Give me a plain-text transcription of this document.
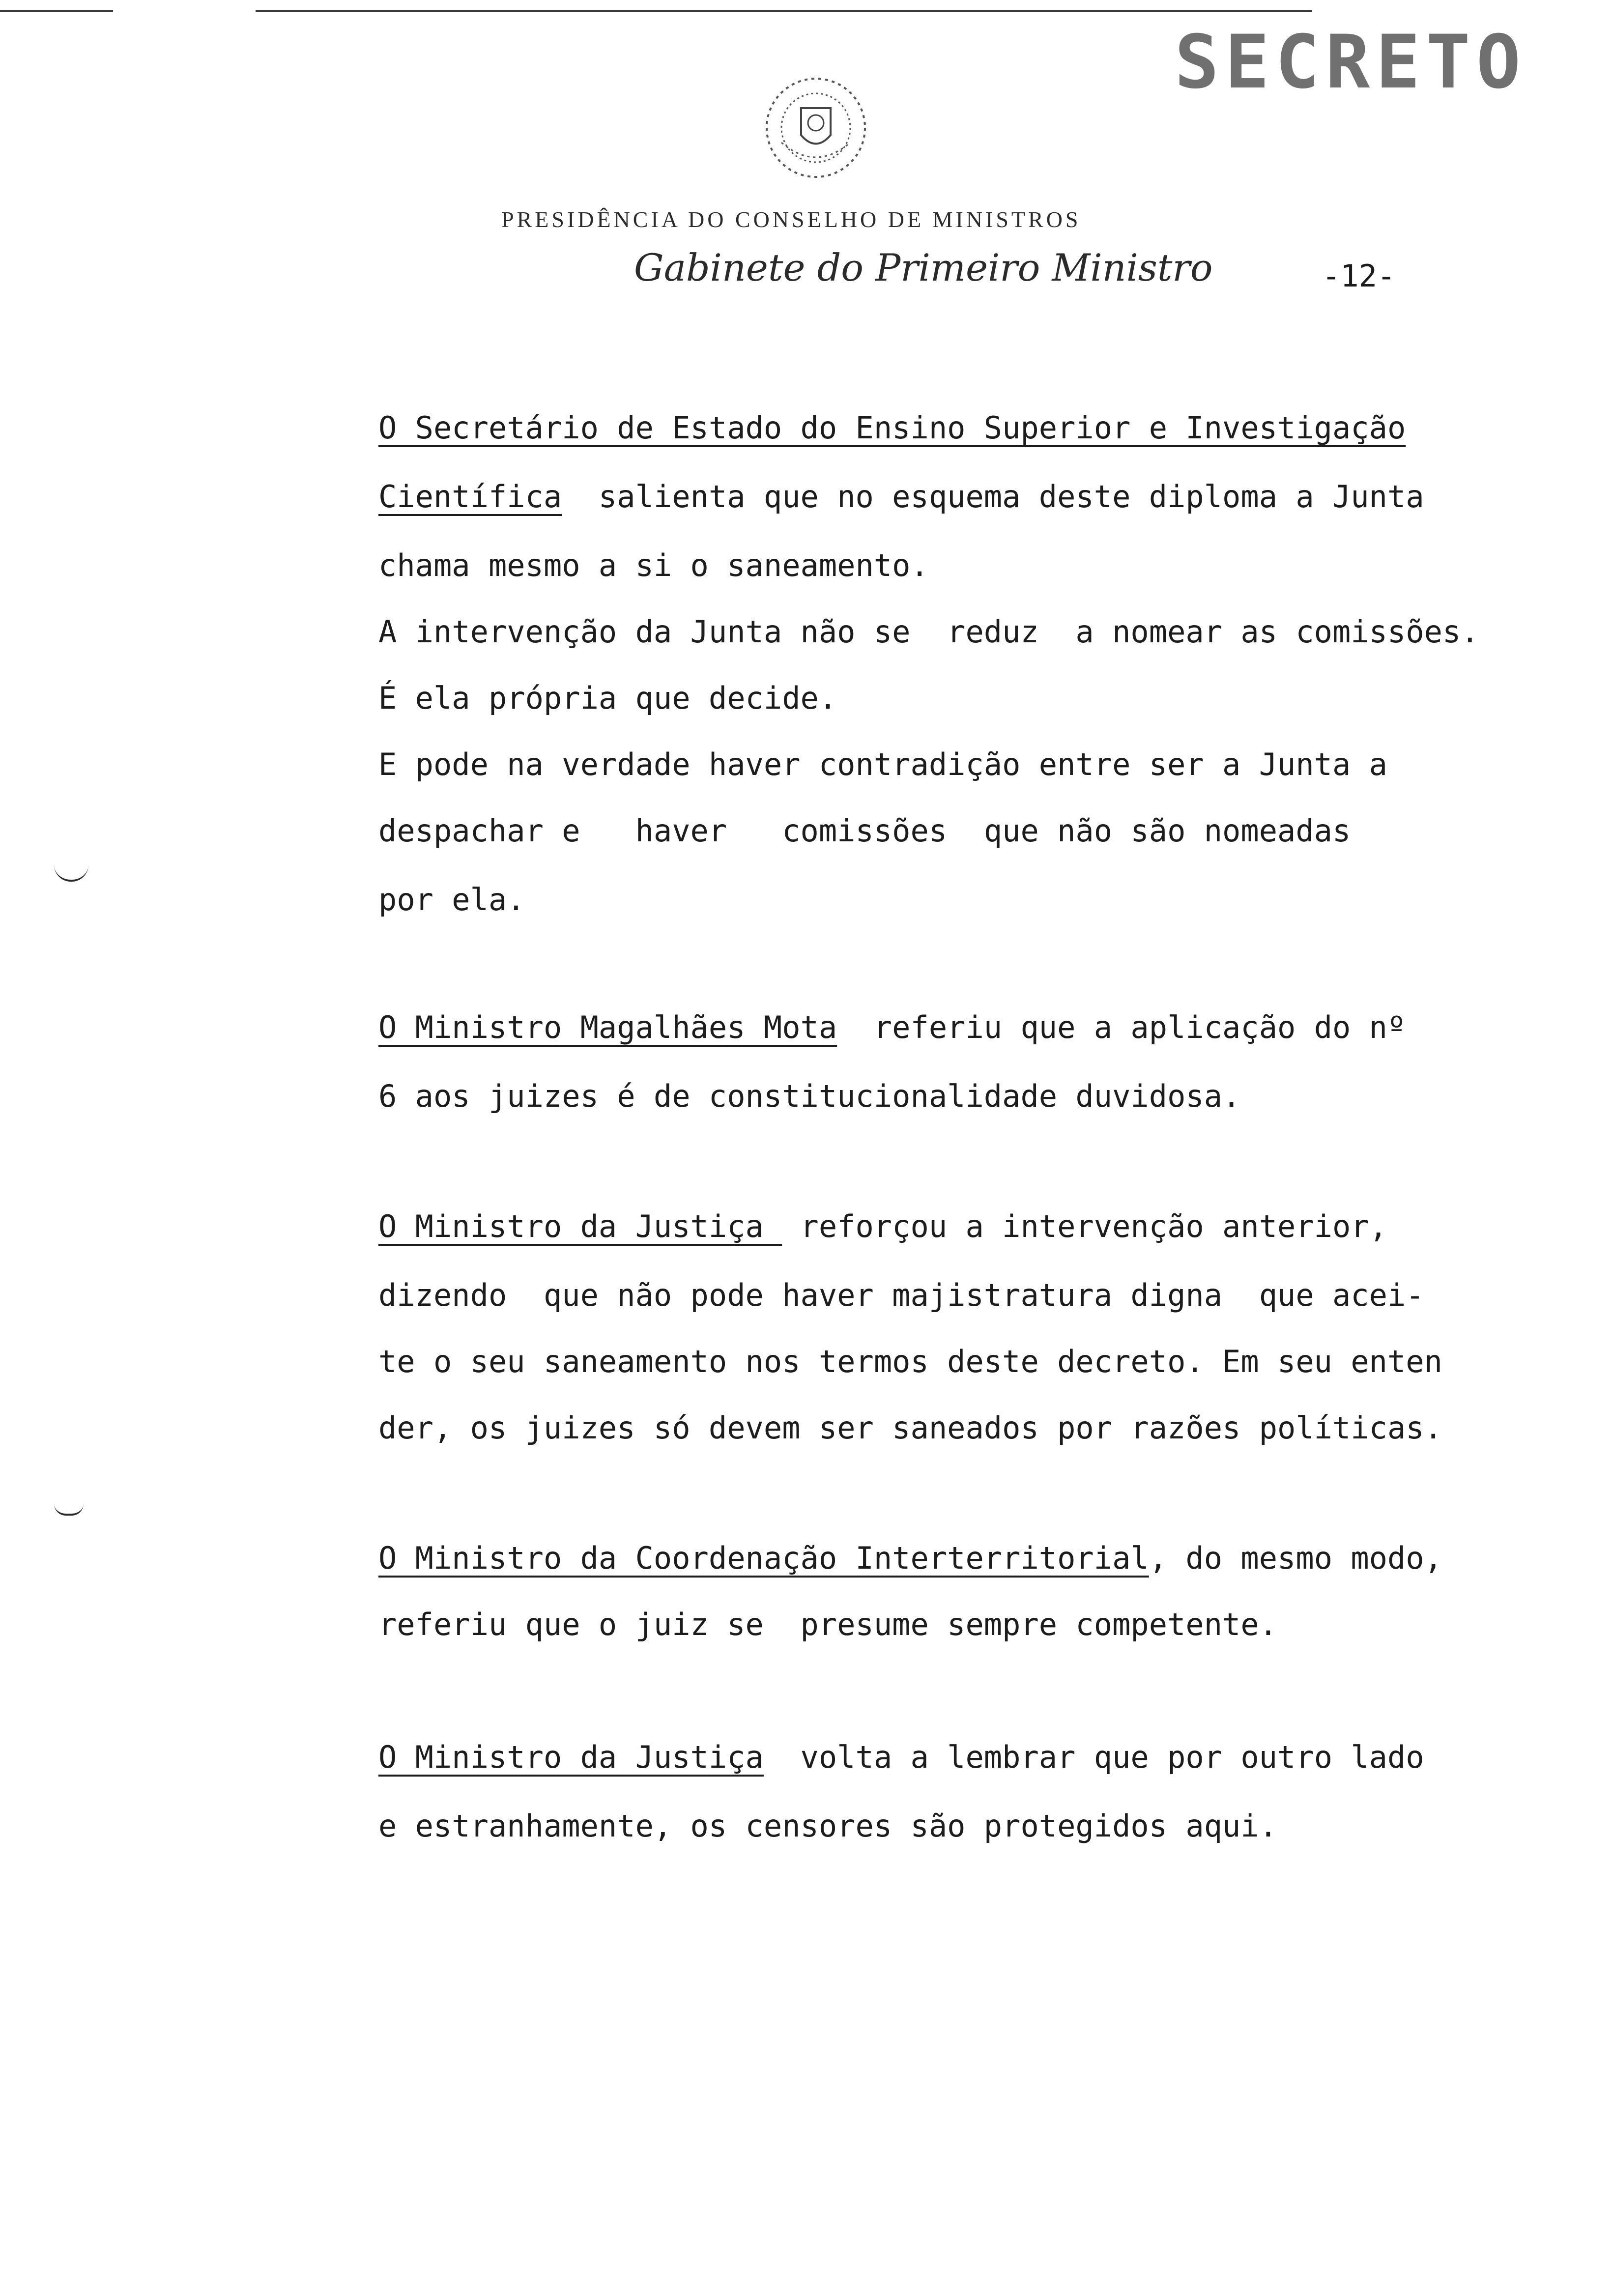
SECRETO
PRESIDÊNCIA DO CONSELHO DE MINISTROS
Gabinete do Primeiro Ministro	-12-
O Secretário de Estado do Ensino Superior e Investigação
Científica  salienta que no esquema deste diploma a Junta
chama mesmo a si o saneamento.
A intervenção da Junta não se  reduz  a nomear as comissões.
É ela própria que decide.
E pode na verdade haver contradição entre ser a Junta a
despachar e   haver   comissões  que não são nomeadas
por ela.
O Ministro Magalhães Mota  referiu que a aplicação do nº
6 aos juizes é de constitucionalidade duvidosa.
O Ministro da Justiça  reforçou a intervenção anterior,
dizendo  que não pode haver majistratura digna  que acei-
te o seu saneamento nos termos deste decreto. Em seu enten
der, os juizes só devem ser saneados por razões políticas.
O Ministro da Coordenação Interterritorial, do mesmo modo,
referiu que o juiz se  presume sempre competente.
O Ministro da Justiça  volta a lembrar que por outro lado
e estranhamente, os censores são protegidos aqui.
